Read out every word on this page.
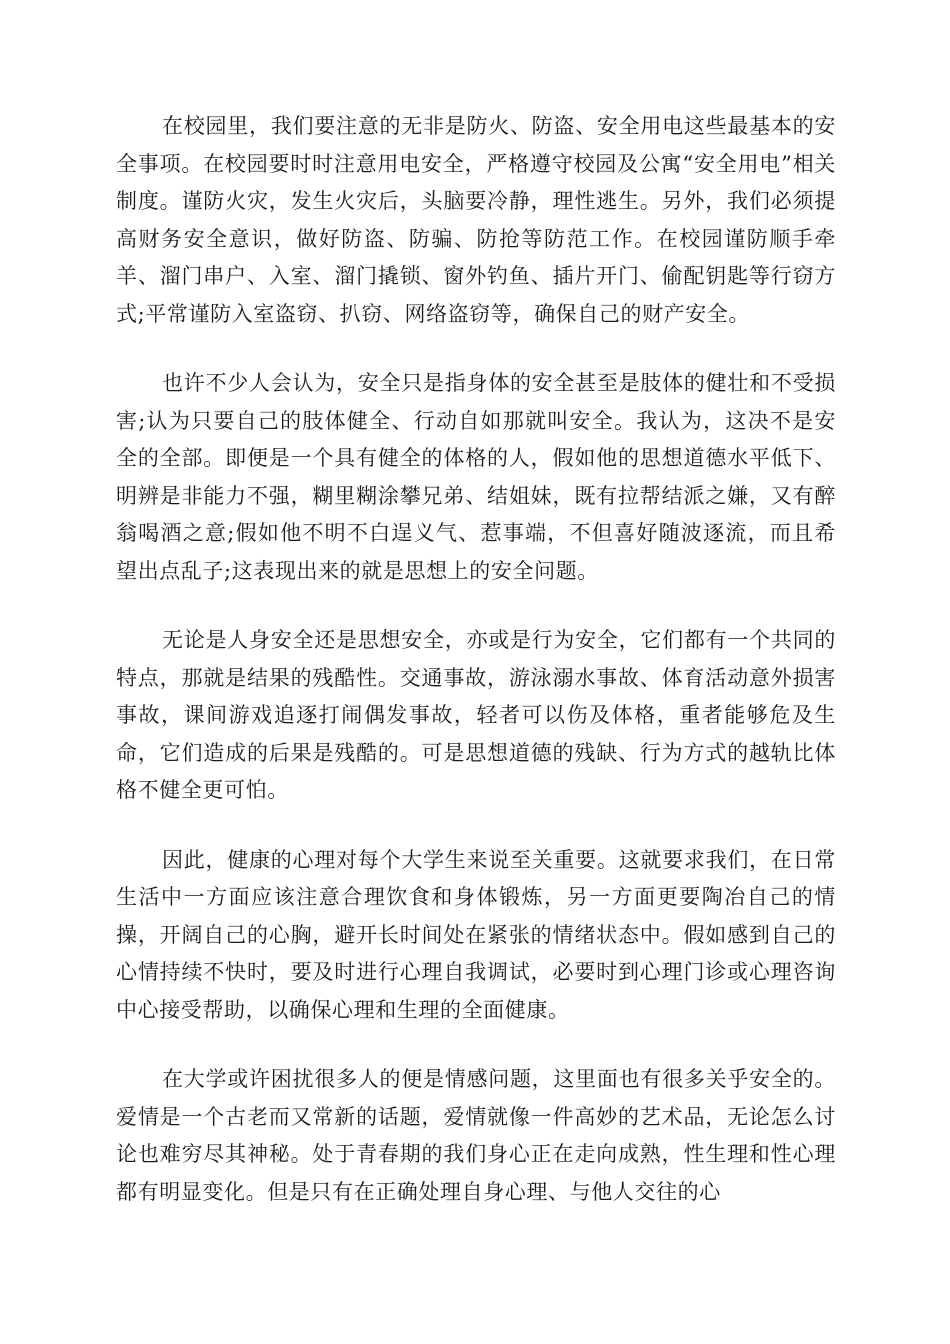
在校园里，我们要注意的无非是防火、防盗、安全用电这些最基本的安全事项。在校园要时时注意用电安全，严格遵守校园及公寓“安全用电”相关制度。谨防火灾，发生火灾后，头脑要冷静，理性逃生。另外，我们必须提高财务安全意识，做好防盗、防骗、防抢等防范工作。在校园谨防顺手牵羊、溜门串户、入室、溜门撬锁、窗外钓鱼、插片开门、偷配钥匙等行窃方式;平常谨防入室盗窃、扒窃、网络盗窃等，确保自己的财产安全。

也许不少人会认为，安全只是指身体的安全甚至是肢体的健壮和不受损害;认为只要自己的肢体健全、行动自如那就叫安全。我认为，这决不是安全的全部。即便是一个具有健全的体格的人，假如他的思想道德水平低下、明辨是非能力不强，糊里糊涂攀兄弟、结姐妹，既有拉帮结派之嫌，又有醉翁喝酒之意;假如他不明不白逞义气、惹事端，不但喜好随波逐流，而且希望出点乱子;这表现出来的就是思想上的安全问题。

无论是人身安全还是思想安全，亦或是行为安全，它们都有一个共同的特点，那就是结果的残酷性。交通事故，游泳溺水事故、体育活动意外损害事故，课间游戏追逐打闹偶发事故，轻者可以伤及体格，重者能够危及生命，它们造成的后果是残酷的。可是思想道德的残缺、行为方式的越轨比体格不健全更可怕。

因此，健康的心理对每个大学生来说至关重要。这就要求我们，在日常生活中一方面应该注意合理饮食和身体锻炼，另一方面更要陶冶自己的情操，开阔自己的心胸，避开长时间处在紧张的情绪状态中。假如感到自己的心情持续不快时，要及时进行心理自我调试，必要时到心理门诊或心理咨询中心接受帮助，以确保心理和生理的全面健康。

在大学或许困扰很多人的便是情感问题，这里面也有很多关乎安全的。爱情是一个古老而又常新的话题，爱情就像一件高妙的艺术品，无论怎么讨论也难穷尽其神秘。处于青春期的我们身心正在走向成熟，性生理和性心理都有明显变化。但是只有在正确处理自身心理、与他人交往的心
